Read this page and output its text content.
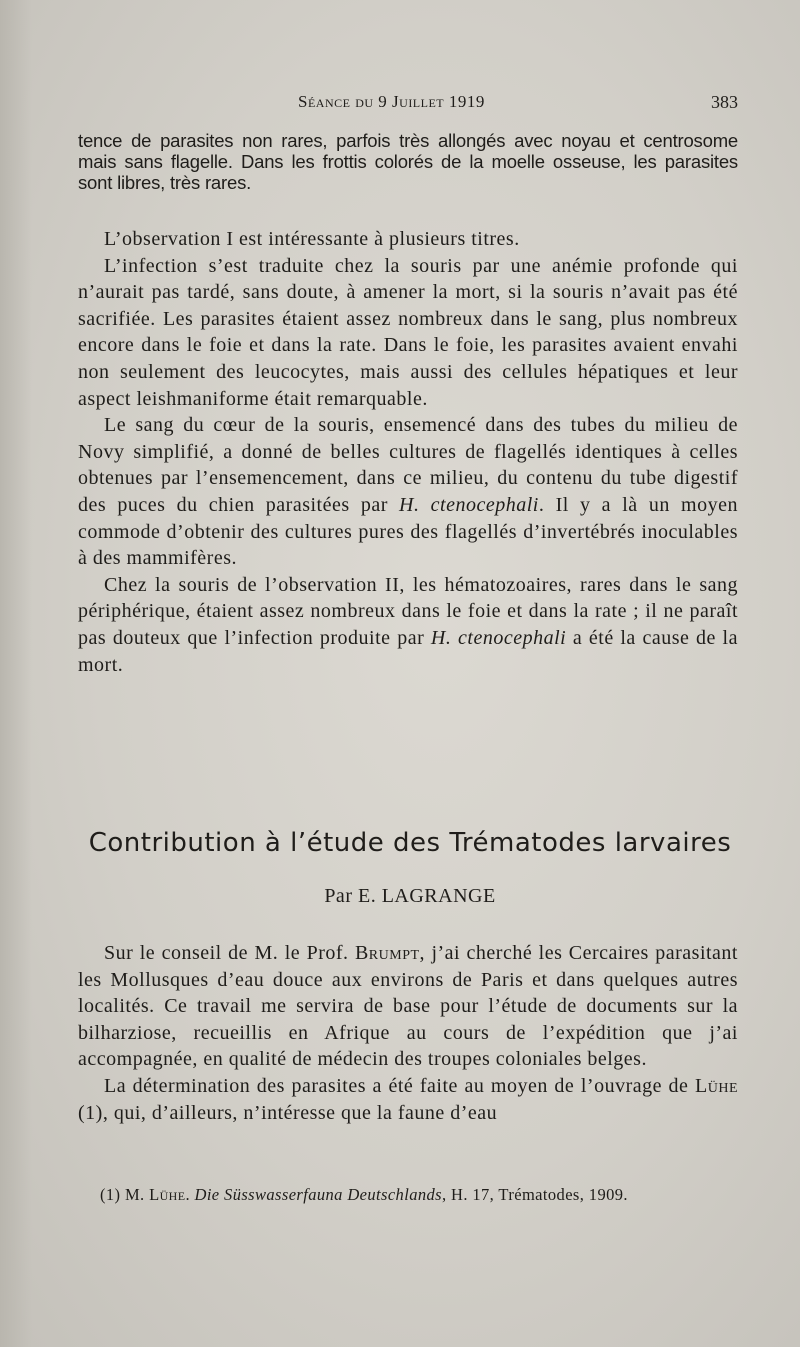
Séance du 9 Juillet 1919	383
tence de parasites non rares, parfois très allongés avec noyau et centrosome mais sans flagelle. Dans les frottis colorés de la moelle osseuse, les parasites sont libres, très rares.

L’observation I est intéressante à plusieurs titres.

L’infection s’est traduite chez la souris par une anémie profonde qui n’aurait pas tardé, sans doute, à amener la mort, si la souris n’avait pas été sacrifiée. Les parasites étaient assez nombreux dans le sang, plus nombreux encore dans le foie et dans la rate. Dans le foie, les parasites avaient envahi non seulement des leucocytes, mais aussi des cellules hépatiques et leur aspect leishmaniforme était remarquable.

Le sang du cœur de la souris, ensemencé dans des tubes du milieu de Novy simplifié, a donné de belles cultures de flagellés identiques à celles obtenues par l’ensemencement, dans ce milieu, du contenu du tube digestif des puces du chien parasitées par H. ctenocephali. Il y a là un moyen commode d’obtenir des cultures pures des flagellés d’invertébrés inoculables à des mammifères.

Chez la souris de l’observation II, les hématozoaires, rares dans le sang périphérique, étaient assez nombreux dans le foie et dans la rate ; il ne paraît pas douteux que l’infection produite par H. ctenocephali a été la cause de la mort.

Contribution à l’étude des Trématodes larvaires
Par E. LAGRANGE

Sur le conseil de M. le Prof. Brumpt, j’ai cherché les Cercaires parasitant les Mollusques d’eau douce aux environs de Paris et dans quelques autres localités. Ce travail me servira de base pour l’étude de documents sur la bilharziose, recueillis en Afrique au cours de l’expédition que j’ai accompagnée, en qualité de médecin des troupes coloniales belges.

La détermination des parasites a été faite au moyen de l’ouvrage de Lühe (1), qui, d’ailleurs, n’intéresse que la faune d’eau

(1) M. Lühe. Die Süsswasserfauna Deutschlands, H. 17, Trématodes, 1909.
